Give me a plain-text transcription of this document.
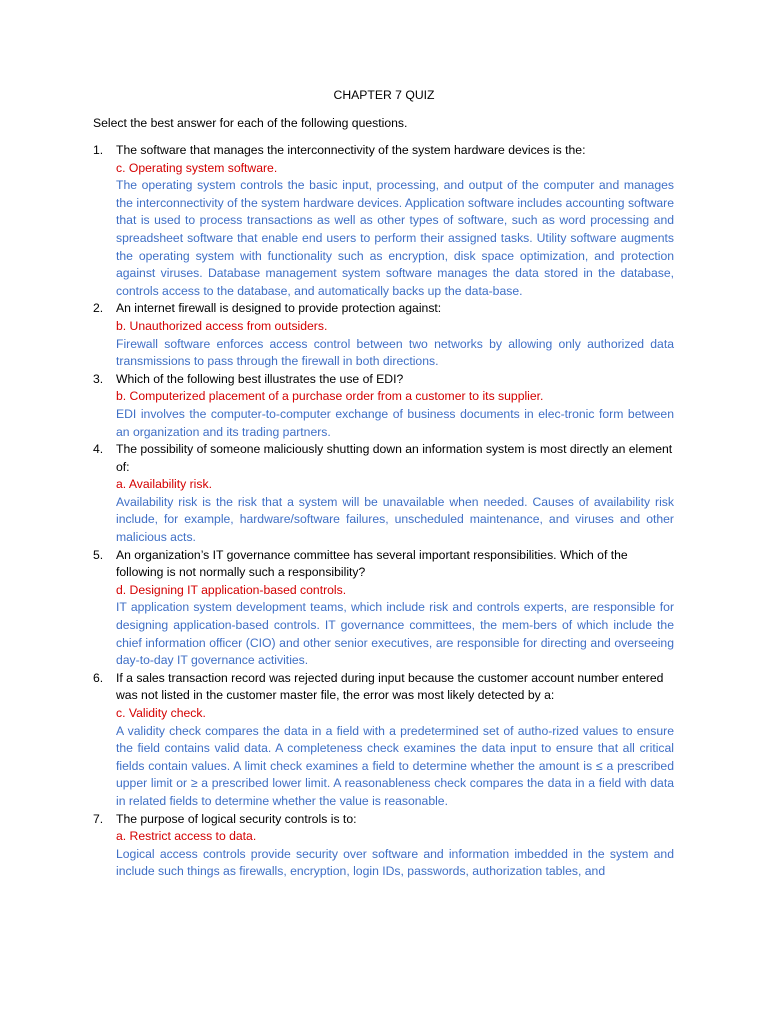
CHAPTER 7 QUIZ
Select the best answer for each of the following questions.
1. The software that manages the interconnectivity of the system hardware devices is the:
c. Operating system software.
The operating system controls the basic input, processing, and output of the computer and manages the interconnectivity of the system hardware devices. Application software includes accounting software that is used to process transactions as well as other types of software, such as word processing and spreadsheet software that enable end users to perform their assigned tasks. Utility software augments the operating system with functionality such as encryption, disk space optimization, and protection against viruses. Database management system software manages the data stored in the database, controls access to the database, and automatically backs up the data-base.
2. An internet firewall is designed to provide protection against:
b. Unauthorized access from outsiders.
Firewall software enforces access control between two networks by allowing only authorized data transmissions to pass through the firewall in both directions.
3. Which of the following best illustrates the use of EDI?
b. Computerized placement of a purchase order from a customer to its supplier.
EDI involves the computer-to-computer exchange of business documents in elec-tronic form between an organization and its trading partners.
4. The possibility of someone maliciously shutting down an information system is most directly an element of:
a. Availability risk.
Availability risk is the risk that a system will be unavailable when needed. Causes of availability risk include, for example, hardware/software failures, unscheduled maintenance, and viruses and other malicious acts.
5. An organization’s IT governance committee has several important responsibilities. Which of the following is not normally such a responsibility?
d. Designing IT application-based controls.
IT application system development teams, which include risk and controls experts, are responsible for designing application-based controls. IT governance committees, the mem-bers of which include the chief information officer (CIO) and other senior executives, are responsible for directing and overseeing day-to-day IT governance activities.
6. If a sales transaction record was rejected during input because the customer account number entered was not listed in the customer master file, the error was most likely detected by a:
c. Validity check.
A validity check compares the data in a field with a predetermined set of autho-rized values to ensure the field contains valid data. A completeness check examines the data input to ensure that all critical fields contain values. A limit check examines a field to determine whether the amount is ≤ a prescribed upper limit or ≥ a prescribed lower limit. A reasonableness check compares the data in a field with data in related fields to determine whether the value is reasonable.
7. The purpose of logical security controls is to:
a. Restrict access to data.
Logical access controls provide security over software and information imbedded in the system and include such things as firewalls, encryption, login IDs, passwords, authorization tables, and
